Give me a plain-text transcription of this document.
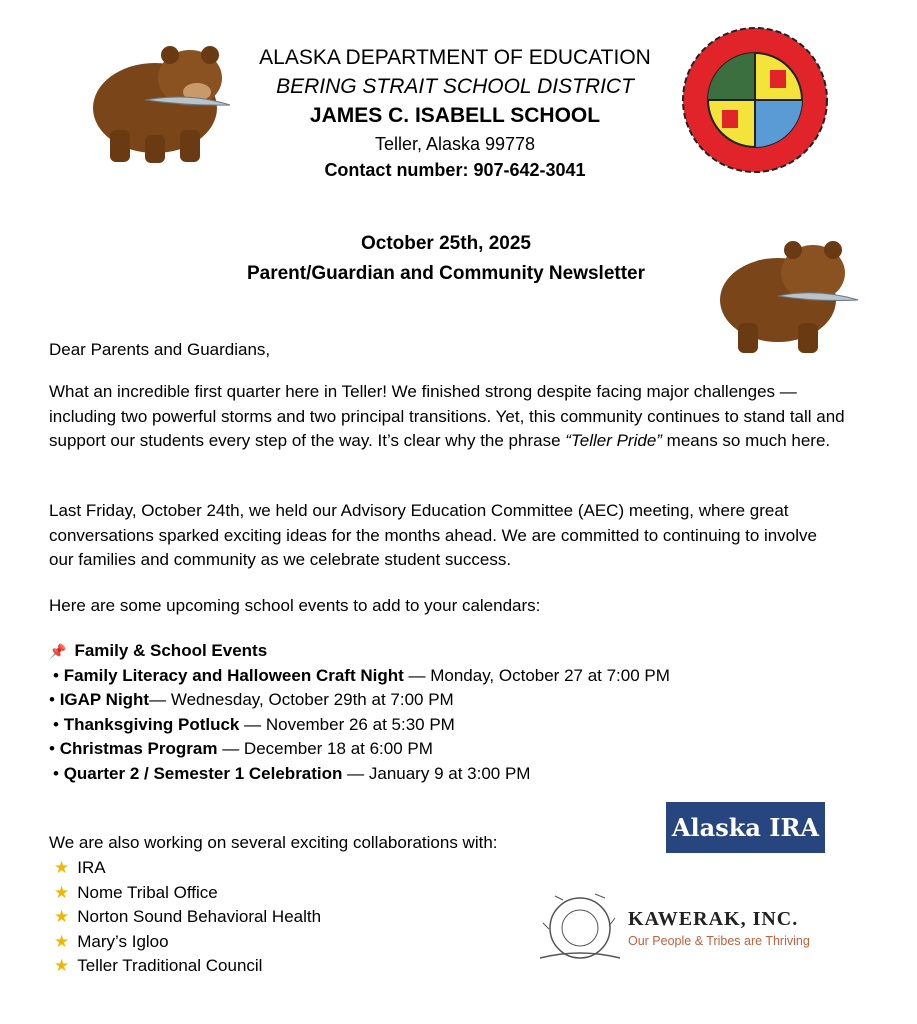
ALASKA DEPARTMENT OF EDUCATION
BERING STRAIT SCHOOL DISTRICT
JAMES C. ISABELL SCHOOL
Teller, Alaska 99778
Contact number: 907-642-3041
October 25th, 2025
Parent/Guardian and Community Newsletter
Dear Parents and Guardians,
What an incredible first quarter here in Teller! We finished strong despite facing major challenges — including two powerful storms and two principal transitions. Yet, this community continues to stand tall and support our students every step of the way. It’s clear why the phrase “Teller Pride” means so much here.
Last Friday, October 24th, we held our Advisory Education Committee (AEC) meeting, where great conversations sparked exciting ideas for the months ahead. We are committed to continuing to involve our families and community as we celebrate student success.
Here are some upcoming school events to add to your calendars:
📌 Family & School Events
• Family Literacy and Halloween Craft Night — Monday, October 27 at 7:00 PM
• IGAP Night— Wednesday, October 29th at 7:00 PM
• Thanksgiving Potluck — November 26 at 5:30 PM
• Christmas Program — December 18 at 6:00 PM
• Quarter 2 / Semester 1 Celebration — January 9 at 3:00 PM
We are also working on several exciting collaborations with:
★ IRA
★ Nome Tribal Office
★ Norton Sound Behavioral Health
★ Mary’s Igloo
★ Teller Traditional Council
Alaska IRA
KAWERAK, INC.
Our People & Tribes are Thriving
